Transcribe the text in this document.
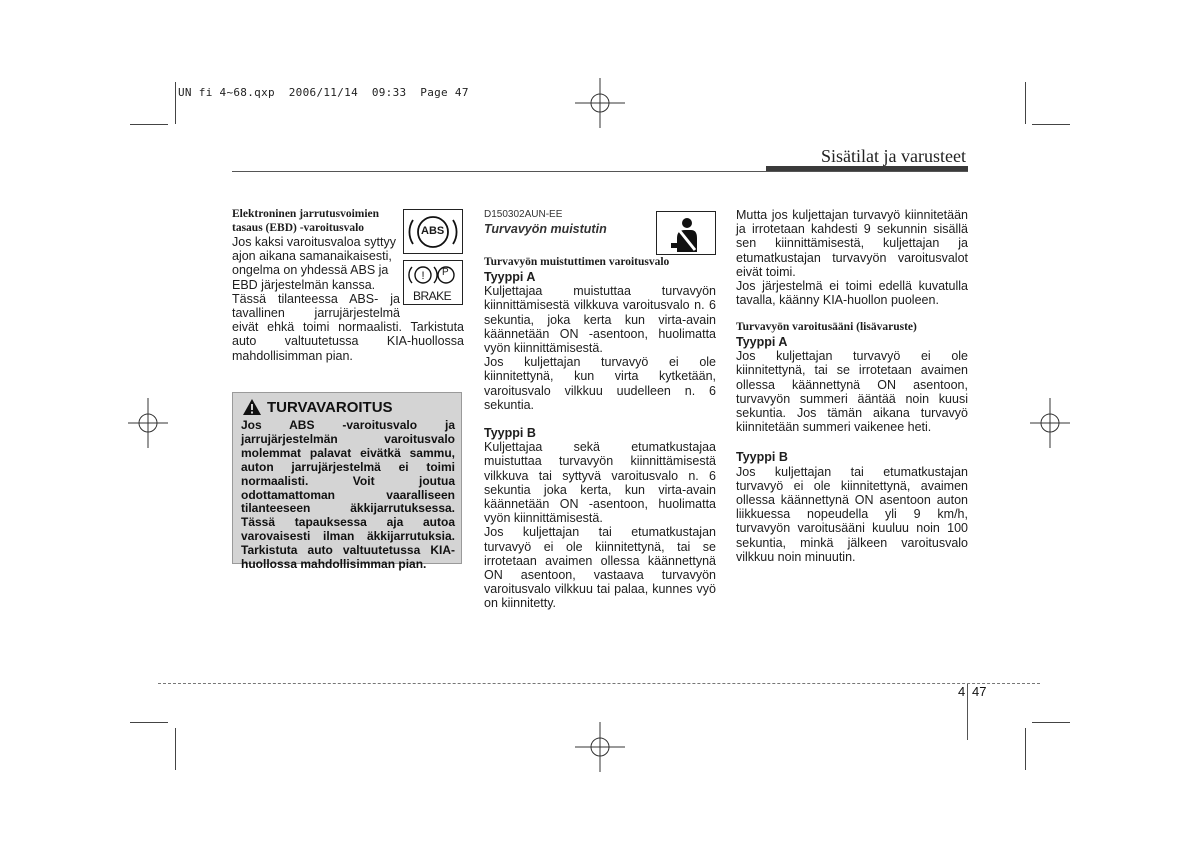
UN fi 4~68.qxp  2006/11/14  09:33  Page 47
Sisätilat ja varusteet
Elektroninen jarrutusvoimien
tasaus (EBD) -varoitusvalo
Jos kaksi varoitusvaloa syttyy
ajon aikana samanaikaisesti,
ongelma on yhdessä ABS ja
EBD järjestelmän kanssa.
Tässä tilanteessa ABS- ja
tavallinen jarrujärjestelmä

eivät ehkä toimi normaalisti. Tarkistuta auto valtuutetussa KIA-huollossa mahdollisimman pian.

ABS
! P
BRAKE
TURVAVAROITUS
Jos ABS -varoitusvalo ja jarrujärjestelmän varoitusvalo molemmat palavat eivätkä sammu, auton jarrujärjestelmä ei toimi normaalisti. Voit joutua odottamattoman vaaralliseen tilanteeseen äkkijarrutuksessa. Tässä tapauksessa aja autoa varovaisesti ilman äkkijarrutuksia. Tarkistuta auto valtuutetussa KIA-huollossa mahdollisimman pian.
D150302AUN-EE
Turvavyön muistutin
Turvavyön muistuttimen varoitusvalo
Tyyppi A

Kuljettajaa muistuttaa turvavyön kiinnittämisestä vilkkuva varoitusvalo n. 6 sekuntia, joka kerta kun virta-avain käännetään ON -asentoon, huolimatta vyön kiinnittämisestä.

Jos kuljettajan turvavyö ei ole kiinnitettynä, kun virta kytketään, varoitusvalo vilkkuu uudelleen n. 6 sekuntia.

Tyyppi B

Kuljettajaa sekä etumatkustajaa muistuttaa turvavyön kiinnittämisestä vilkkuva tai syttyvä varoitusvalo n. 6 sekuntia joka kerta, kun virta-avain käännetään ON -asentoon, huolimatta vyön kiinnittämisestä.

Jos kuljettajan tai etumatkustajan turvavyö ei ole kiinnitettynä, tai se irrotetaan avaimen ollessa käännettynä ON asentoon, vastaava turvavyön varoitusvalo vilkkuu tai palaa, kunnes vyö on kiinnitetty.

Mutta jos kuljettajan turvavyö kiinnitetään ja irrotetaan kahdesti 9 sekunnin sisällä sen kiinnittämisestä, kuljettajan ja etumatkustajan turvavyön varoitusvalot eivät toimi.

Jos järjestelmä ei toimi edellä kuvatulla tavalla, käänny KIA-huollon puoleen.

Turvavyön varoitusääni (lisävaruste)
Tyyppi A

Jos kuljettajan turvavyö ei ole kiinnitettynä, tai se irrotetaan avaimen ollessa käännettynä ON asentoon, turvavyön summeri ääntää noin kuusi sekuntia. Jos tämän aikana turvavyö kiinnitetään summeri vaikenee heti.

Tyyppi B

Jos kuljettajan tai etumatkustajan turvavyö ei ole kiinnitettynä, avaimen ollessa käännettynä ON asentoon auton liikkuessa nopeudella yli 9 km/h, turvavyön varoitusääni kuuluu noin 100 sekuntia, minkä jälkeen varoitusvalo vilkkuu noin minuutin.

4 47
